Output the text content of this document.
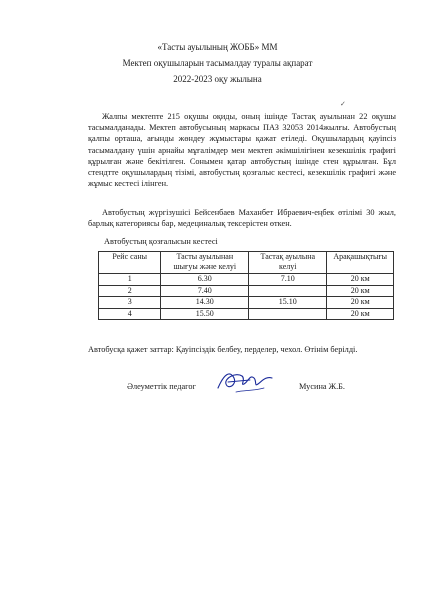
«Тасты ауылының ЖОББ» ММ
Мектеп оқушыларын тасымалдау туралы ақпарат
2022-2023 оқу жылына
✓
Жалпы мектепте 215 оқушы оқиды, оның ішінде Тастақ ауылынан 22 оқушы тасымалданады. Мектеп автобусының маркасы ПАЗ 32053 2014жылғы. Автобустың қалпы орташа, ағынды жөндеу жұмыстары қажат етіледі. Оқушылардың қауіпсіз тасымалдану үшін арнайы мұғалімдер мен мектеп әкімшілігінен кезекшілік графигі құрылған және бекітілген. Сонымен қатар автобустың ішінде стен құрылған. Бұл стендтте оқушылардың тізімі, автобустың қозғалыс кестесі, кезекшілік графигі және жұмыс кестесі ілінген.
Автобустың жүргізушісі Бейсенбаев Маханбет Ибраевич-еңбек өтілімі 30 жыл, барлық категориясы бар, медециналық тексерістен өткен.
Автобустың қозғалысын кестесі
Рейс саны	Тасты ауылынан шығуы және келуі	Тастақ ауылына келуі	Арақашықтығы
1	6.30	7.10	20 км
2	7.40		20 км
3	14.30	15.10	20 км
4	15.50		20 км
Автобусқа қажет заттар: Қауіпсіздік белбеу, перделер, чехол. Өтінім берілді.
Әлеуметтік педагог	Мусина Ж.Б.
